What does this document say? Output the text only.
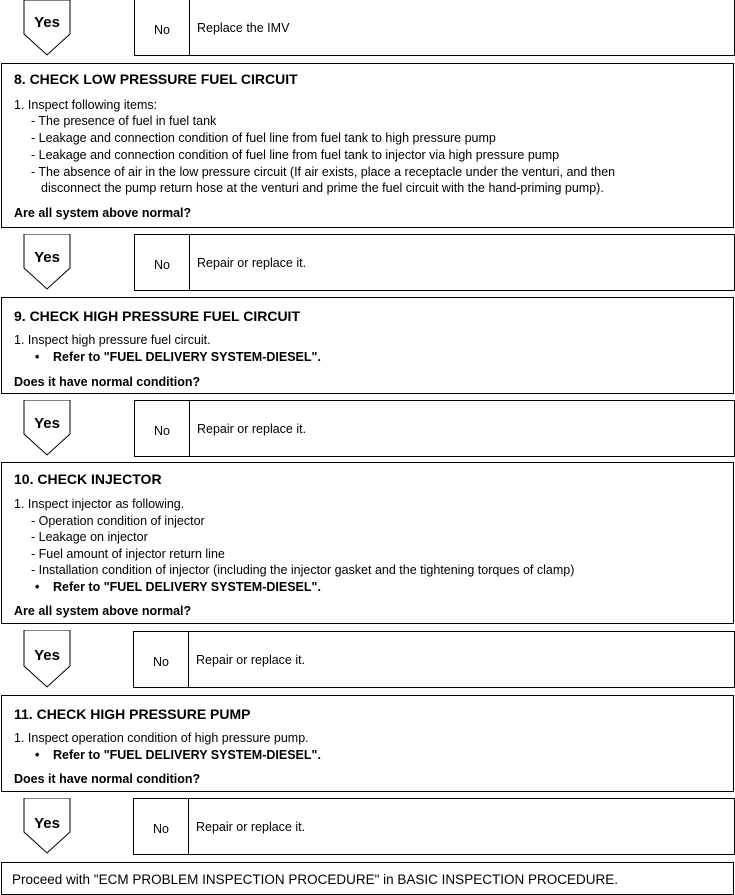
Yes	No	Replace the IMV
8. CHECK LOW PRESSURE FUEL CIRCUIT
1. Inspect following items:
- The presence of fuel in fuel tank
- Leakage and connection condition of fuel line from fuel tank to high pressure pump
- Leakage and connection condition of fuel line from fuel tank to injector via high pressure pump
- The absence of air in the low pressure circuit (If air exists, place a receptacle under the venturi, and then
disconnect the pump return hose at the venturi and prime the fuel circuit with the hand-priming pump).
Are all system above normal?
Yes	No	Repair or replace it.
9. CHECK HIGH PRESSURE FUEL CIRCUIT
1. Inspect high pressure fuel circuit.
• Refer to "FUEL DELIVERY SYSTEM-DIESEL".
Does it have normal condition?
Yes	No	Repair or replace it.
10. CHECK INJECTOR
1. Inspect injector as following.
- Operation condition of injector
- Leakage on injector
- Fuel amount of injector return line
- Installation condition of injector (including the injector gasket and the tightening torques of clamp)
• Refer to "FUEL DELIVERY SYSTEM-DIESEL".
Are all system above normal?
Yes	No	Repair or replace it.
11. CHECK HIGH PRESSURE PUMP
1. Inspect operation condition of high pressure pump.
• Refer to "FUEL DELIVERY SYSTEM-DIESEL".
Does it have normal condition?
Yes	No	Repair or replace it.
Proceed with "ECM PROBLEM INSPECTION PROCEDURE" in BASIC INSPECTION PROCEDURE.
